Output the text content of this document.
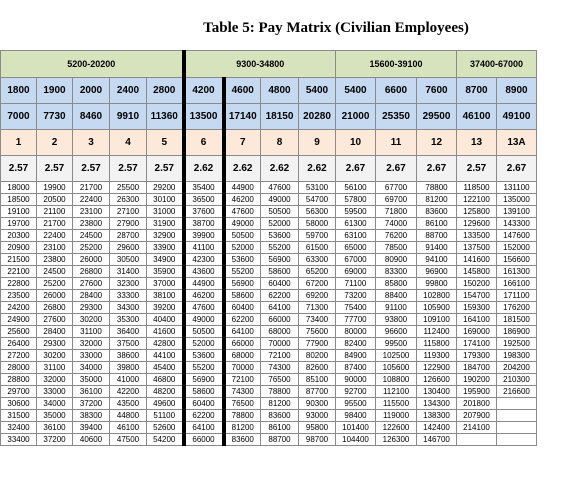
Table 5: Pay Matrix (Civilian Employees)
5200-20200					9300-34800				15600-39100			37400-67000	
1800	1900	2000	2400	2800	4200	4600	4800	5400	5400	6600	7600	8700	8900
7000	7730	8460	9910	11360	13500	17140	18150	20280	21000	25350	29500	46100	49100
1	2	3	4	5	6	7	8	9	10	11	12	13	13A
2.57	2.57	2.57	2.57	2.57	2.62	2.62	2.62	2.62	2.67	2.67	2.67	2.57	2.67
18000	19900	21700	25500	29200	35400	44900	47600	53100	56100	67700	78800	118500	131100
18500	20500	22400	26300	30100	36500	46200	49000	54700	57800	69700	81200	122100	135000
19100	21100	23100	27100	31000	37600	47600	50500	56300	59500	71800	83600	125800	139100
19700	21700	23800	27900	31900	38700	49000	52000	58000	61300	74000	86100	129600	143300
20300	22400	24500	28700	32900	39900	50500	53600	59700	63100	76200	88700	133500	147600
20900	23100	25200	29600	33900	41100	52000	55200	61500	65000	78500	91400	137500	152000
21500	23800	26000	30500	34900	42300	53600	56900	63300	67000	80900	94100	141600	156600
22100	24500	26800	31400	35900	43600	55200	58600	65200	69000	83300	96900	145800	161300
22800	25200	27600	32300	37000	44900	56900	60400	67200	71100	85800	99800	150200	166100
23500	26000	28400	33300	38100	46200	58600	62200	69200	73200	88400	102800	154700	171100
24200	26800	29300	34300	39200	47600	60400	64100	71300	75400	91100	105900	159300	176200
24900	27600	30200	35300	40400	49000	62200	66000	73400	77700	93800	109100	164100	181500
25600	28400	31100	36400	41600	50500	64100	68000	75600	80000	96600	112400	169000	186900
26400	29300	32000	37500	42800	52000	66000	70000	77900	82400	99500	115800	174100	192500
27200	30200	33000	38600	44100	53600	68000	72100	80200	84900	102500	119300	179300	198300
28000	31100	34000	39800	45400	55200	70000	74300	82600	87400	105600	122900	184700	204200
28800	32000	35000	41000	46800	56900	72100	76500	85100	90000	108800	126600	190200	210300
29700	33000	36100	42200	48200	58600	74300	78800	87700	92700	112100	130400	195900	216600
30600	34000	37200	43500	49600	60400	76500	81200	90300	95500	115500	134300	201800	
31500	35000	38300	44800	51100	62200	78800	83600	93000	98400	119000	138300	207900	
32400	36100	39400	46100	52600	64100	81200	86100	95800	101400	122600	142400	214100	
33400	37200	40600	47500	54200	66000	83600	88700	98700	104400	126300	146700		
